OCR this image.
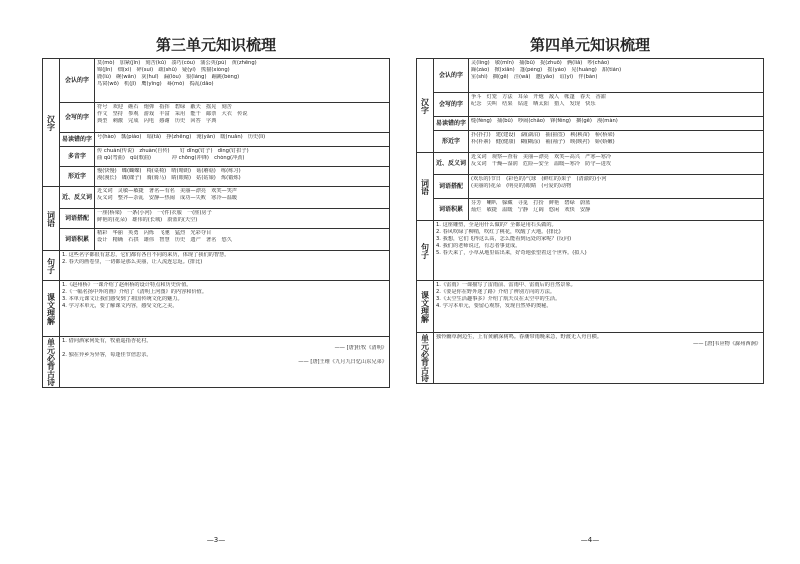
第三单元知识梳理
汉字	会认的字	莫(mò)　加紧(jǐn)　刻苦(kǔ)　凑巧(còu)　蒲公英(pú)　黄(zhēng)
锦(jǐn)　细(xì)　碎(suì)　疏(shū)　疑(yí)　熊猫(xióng)
鹿(lù)　碗(wǎn)　灰(huī)　漏(lòu)　狼(láng)　蹦跳(bèng)
鸟窝(wō)　机(jī)　鹰(yīng)　蓦(mò)　捣乱(dǎo)

	会写的字	符号　欢迎　礁石　炮弹　指挥　碧绿　蔽天　摇晃　刻苦
作文　坚持　参观　游戏　丰富　采用　能干　邮票　大衣　传说
典型　刺激　完成　闪电　感谢　历史　回答　字典

	易读错的字	号(hào)　瓢(piáo)　塌(tā)　挣(zhēng)　淹(yān)　暖(nuǎn)　历史(lì)

	多音字	传 chuán(传说)　zhuàn(自传)　　钉 dīng(钉子)　dìng(钉扣子)
曲 qū(弯曲)　qǔ(歌曲)　　　　冲 chōng(冲锋)　chòng(冲劲)

	形近字	慢(快慢)　蝶(蝴蝶)　椅(桌椅)　晴(晴朗)　菇(蘑菇)　练(练习)
漫(漫长)　碟(碟子)　骑(骑马)　睛(眼睛)　姑(姑娘)　炼(锻炼)

词语	近、反义词	近义词　灵敏—敏捷　著名—有名　美丽—漂亮　欢笑—笑声
反义词　整齐—杂乱　安静—热闹　成功—失败　寒冷—温暖

	词语搭配	一座(桥梁)　一条(小河)　一(件)衣服　一(座)房子
鲜艳的(花朵)　雄伟的(长城)　蔚蓝的(天空)

	词语积累	精彩　华丽　英勇　闪烁　飞驰　猛烈　光彩夺目
设计　精确　石拱　雄伟　智慧　历史　遗产　著名　悠久

句子	1. 这些名字都很有意思，它们都有各自不同的来历，体现了我们的智慧。
2. 春天的画卷里，一切都是那么美丽，让人流连忘返。(排比)	

课文理解	1.《赵州桥》一课介绍了赵州桥的设计特点和历史价值。
2.《一幅名扬中外的画》介绍了《清明上河图》的内容和价值。
3. 本单元课文让我们感受到了祖国传统文化的魅力。
4. 学习本单元，要了解课文内容，感受文化之美。	

单元必背古诗	1. 借问酒家何处有，牧童遥指杏花村。
—— [唐]杜牧《清明》
2. 独在异乡为异客，每逢佳节倍思亲。
—— [唐]王维《九月九日忆山东兄弟》	
—3—
第四单元知识梳理
汉字	会认的字	灵(líng)　敏(mǐn)　捕(bǔ)　捉(zhuō)　俩(liǎ)　吵(chǎo)
躁(zào)　掀(xiān)　篷(péng)　摇(yáo)　晃(huàng)　甜(tián)
室(shì)　搁(gē)　洼(wā)　邀(yāo)　谊(yì)　伴(bàn)

	会写的字	争斗　灯笼　方法　耳朵　开炮　敌人　帐篷　春天　香甜
纪念　尖叫　结果　钻进　晒太阳　猎人　发现　快乐

	易读错的字	缝(féng)　捕(bǔ)　吵闹(chǎo)　锋(fēng)　搁(gē)　漫(màn)

	形近字	扑(扑打)　建(建设)　湖(湖泊)　抽(抽签)　秧(秧苗)　桥(桥梁)
朴(朴素)　健(健康)　糊(糊涂)　袖(袖子)　映(映衬)　娇(娇嫩)

词语	近、反义词	近义词　观察—查看　美丽—漂亮　欢笑—高兴　严寒—寒冷
反义词　干燥—湿润　危险—安全　温暖—寒冷　防守—进攻

	词语搭配	(欢乐的)节日　(彩色的)气球　(鲜红的)果子　(清澈的)小河
(美丽的)花朵　(明亮的)眼睛　(可爱的)动物

	词语积累	芬芳　喇叭　躲藏　寻觅　打扮　鲜艳　碧绿　蔚蓝
灿烂　敏捷　温暖　宁静　辽阔　悠闲　欢快　安静

句子	1. 这座雕塑，全是用什么做的？全都是用石头做的。
2. 春风吹绿了柳梢，吹红了桃花，吹醒了大地。(排比)
3. 我想，它们飞得这么高，怎么能看到远处的家呢？(反问)
4. 我们的老师说过，有志者事竟成。
5. 春天来了，小草从地里钻出来，好奇地张望着这个世界。(拟人)	

课文理解	1.《雷雨》一课描写了雷雨前、雷雨中、雷雨后的自然景象。
2.《要是你在野外迷了路》介绍了辨别方向的方法。
3.《太空生活趣事多》介绍了航天员在太空中的生活。
4. 学习本单元，要留心观察，发现自然界的奥秘。	

单元必背古诗	独怜幽草涧边生，上有黄鹂深树鸣。春潮带雨晚来急，野渡无人舟自横。
—— [唐]韦应物《滁州西涧》	
—4—
